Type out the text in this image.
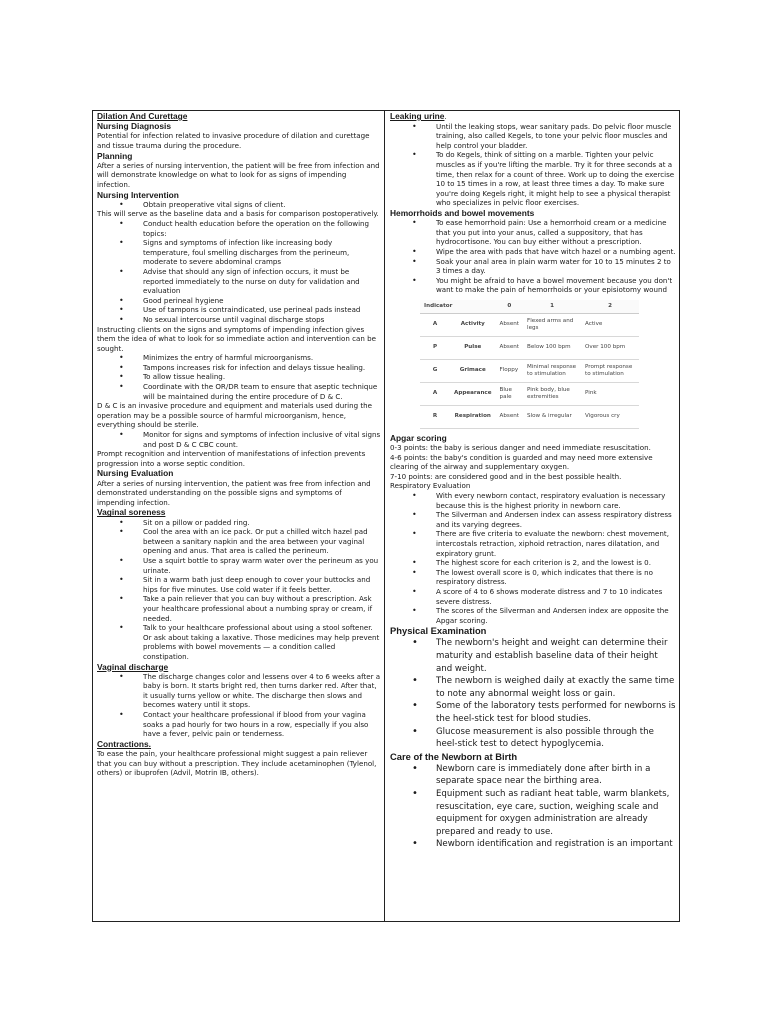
Dilation And Curettage
Nursing Diagnosis

Potential for infection related to invasive procedure of dilation and curettage and tissue trauma during the procedure.

Planning

After a series of nursing intervention, the patient will be free from infection and will demonstrate knowledge on what to look for as signs of impending infection.

Nursing Intervention
• Obtain preoperative vital signs of client.

This will serve as the baseline data and a basis for comparison postoperatively.

• Conduct health education before the operation on the following topics:
• Signs and symptoms of infection like increasing body temperature, foul smelling discharges from the perineum, moderate to severe abdominal cramps
• Advise that should any sign of infection occurs, it must be reported immediately to the nurse on duty for validation and evaluation
• Good perineal hygiene
• Use of tampons is contraindicated, use perineal pads instead
• No sexual intercourse until vaginal discharge stops

Instructing clients on the signs and symptoms of impending infection gives them the idea of what to look for so immediate action and intervention can be sought.

• Minimizes the entry of harmful microorganisms.
• Tampons increases risk for infection and delays tissue healing.
• To allow tissue healing.
• Coordinate with the OR/DR team to ensure that aseptic technique will be maintained during the entire procedure of D & C.

D & C is an invasive procedure and equipment and materials used during the operation may be a possible source of harmful microorganism, hence, everything should be sterile.

• Monitor for signs and symptoms of infection inclusive of vital signs and post D & C CBC count.

Prompt recognition and intervention of manifestations of infection prevents progression into a worse septic condition.

Nursing Evaluation

After a series of nursing intervention, the patient was free from infection and demonstrated understanding on the possible signs and symptoms of impending infection.

Vaginal soreness
• Sit on a pillow or padded ring.
• Cool the area with an ice pack. Or put a chilled witch hazel pad between a sanitary napkin and the area between your vaginal opening and anus. That area is called the perineum.
• Use a squirt bottle to spray warm water over the perineum as you urinate.
• Sit in a warm bath just deep enough to cover your buttocks and hips for five minutes. Use cold water if it feels better.
• Take a pain reliever that you can buy without a prescription. Ask your healthcare professional about a numbing spray or cream, if needed.
• Talk to your healthcare professional about using a stool softener. Or ask about taking a laxative. Those medicines may help prevent problems with bowel movements — a condition called constipation.
Vaginal discharge
• The discharge changes color and lessens over 4 to 6 weeks after a baby is born. It starts bright red, then turns darker red. After that, it usually turns yellow or white. The discharge then slows and becomes watery until it stops.
• Contact your healthcare professional if blood from your vagina soaks a pad hourly for two hours in a row, especially if you also have a fever, pelvic pain or tenderness.
Contractions.

To ease the pain, your healthcare professional might suggest a pain reliever that you can buy without a prescription. They include acetaminophen (Tylenol, others) or ibuprofen (Advil, Motrin IB, others).

Leaking urine.
• Until the leaking stops, wear sanitary pads. Do pelvic floor muscle training, also called Kegels, to tone your pelvic floor muscles and help control your bladder.
• To do Kegels, think of sitting on a marble. Tighten your pelvic muscles as if you're lifting the marble. Try it for three seconds at a time, then relax for a count of three. Work up to doing the exercise 10 to 15 times in a row, at least three times a day. To make sure you're doing Kegels right, it might help to see a physical therapist who specializes in pelvic floor exercises.
Hemorrhoids and bowel movements
• To ease hemorrhoid pain: Use a hemorrhoid cream or a medicine that you put into your anus, called a suppository, that has hydrocortisone. You can buy either without a prescription.
• Wipe the area with pads that have witch hazel or a numbing agent.
• Soak your anal area in plain warm water for 10 to 15 minutes 2 to 3 times a day.
• You might be afraid to have a bowel movement because you don't want to make the pain of hemorrhoids or your episiotomy wound
Indicator		0	1	2
A	Activity	Absent	Flexed arms and legs	Active
P	Pulse	Absent	Below 100 bpm	Over 100 bpm
G	Grimace	Floppy	Minimal response to stimulation	Prompt response to stimulation
A	Appearance	Blue pale	Pink body, blue extremities	Pink
R	Respiration	Absent	Slow & irregular	Vigorous cry
Apgar scoring

0-3 points: the baby is serious danger and need immediate resuscitation.

4-6 points: the baby's condition is guarded and may need more extensive clearing of the airway and supplementary oxygen.

7-10 points: are considered good and in the best possible health.

Respiratory Evaluation

• With every newborn contact, respiratory evaluation is necessary because this is the highest priority in newborn care.
• The Silverman and Andersen index can assess respiratory distress and its varying degrees.
• There are five criteria to evaluate the newborn: chest movement, intercostals retraction, xiphoid retraction, nares dilatation, and expiratory grunt.
• The highest score for each criterion is 2, and the lowest is 0.
• The lowest overall score is 0, which indicates that there is no respiratory distress.
• A score of 4 to 6 shows moderate distress and 7 to 10 indicates severe distress.
• The scores of the Silverman and Andersen index are opposite the Apgar scoring.
Physical Examination
• The newborn's height and weight can determine their maturity and establish baseline data of their height and weight.
• The newborn is weighed daily at exactly the same time to note any abnormal weight loss or gain.
• Some of the laboratory tests performed for newborns is the heel-stick test for blood studies.
• Glucose measurement is also possible through the heel-stick test to detect hypoglycemia.
Care of the Newborn at Birth
• Newborn care is immediately done after birth in a separate space near the birthing area.
• Equipment such as radiant heat table, warm blankets, resuscitation, eye care, suction, weighing scale and equipment for oxygen administration are already prepared and ready to use.
• Newborn identification and registration is an important
